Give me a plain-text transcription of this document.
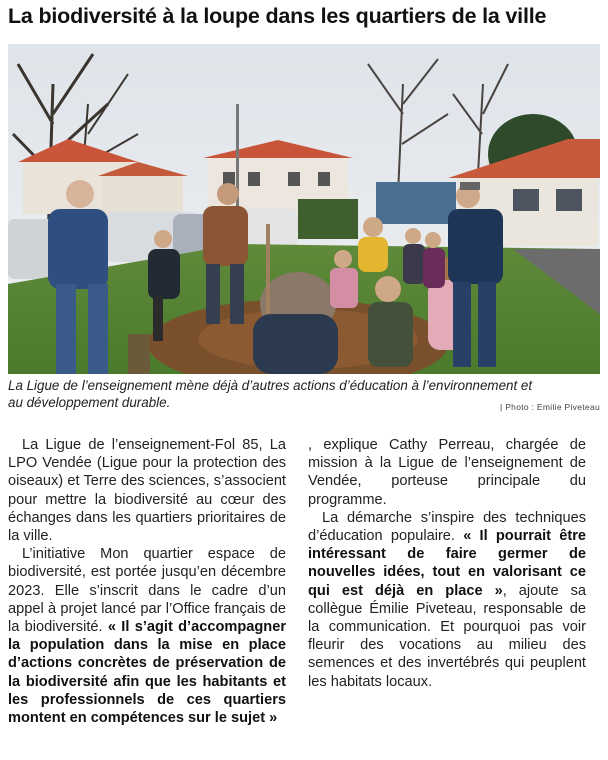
La biodiversité à la loupe dans les quartiers de la ville
La Ligue de l’enseignement mène déjà d’autres actions d’éducation à l’environnement et au développement durable.	| Photo : Emilie Piveteau

La Ligue de l’enseignement-Fol 85, La LPO Vendée (Ligue pour la protection des oiseaux) et Terre des sciences, s’associent pour mettre la biodiversité au cœur des échanges dans les quartiers prioritaires de la ville.

L’initiative Mon quartier espace de biodiversité, est portée jusqu’en décembre 2023. Elle s’inscrit dans le cadre d’un appel à projet lancé par l’Office français de la biodiversité. « Il s’agit d’accompagner la population dans la mise en place d’actions concrètes de préservation de la biodiversité afin que les habitants et les professionnels de ces quartiers montent en compétences sur le sujet »

, explique Cathy Perreau, chargée de mission à la Ligue de l’enseignement de Vendée, porteuse principale du programme.

La démarche s’inspire des techniques d’éducation populaire. « Il pourrait être intéressant de faire germer de nouvelles idées, tout en valorisant ce qui est déjà en place », ajoute sa collègue Émilie Piveteau, responsable de la communication. Et pourquoi pas voir fleurir des vocations au milieu des semences et des invertébrés qui peuplent les habitats locaux.
